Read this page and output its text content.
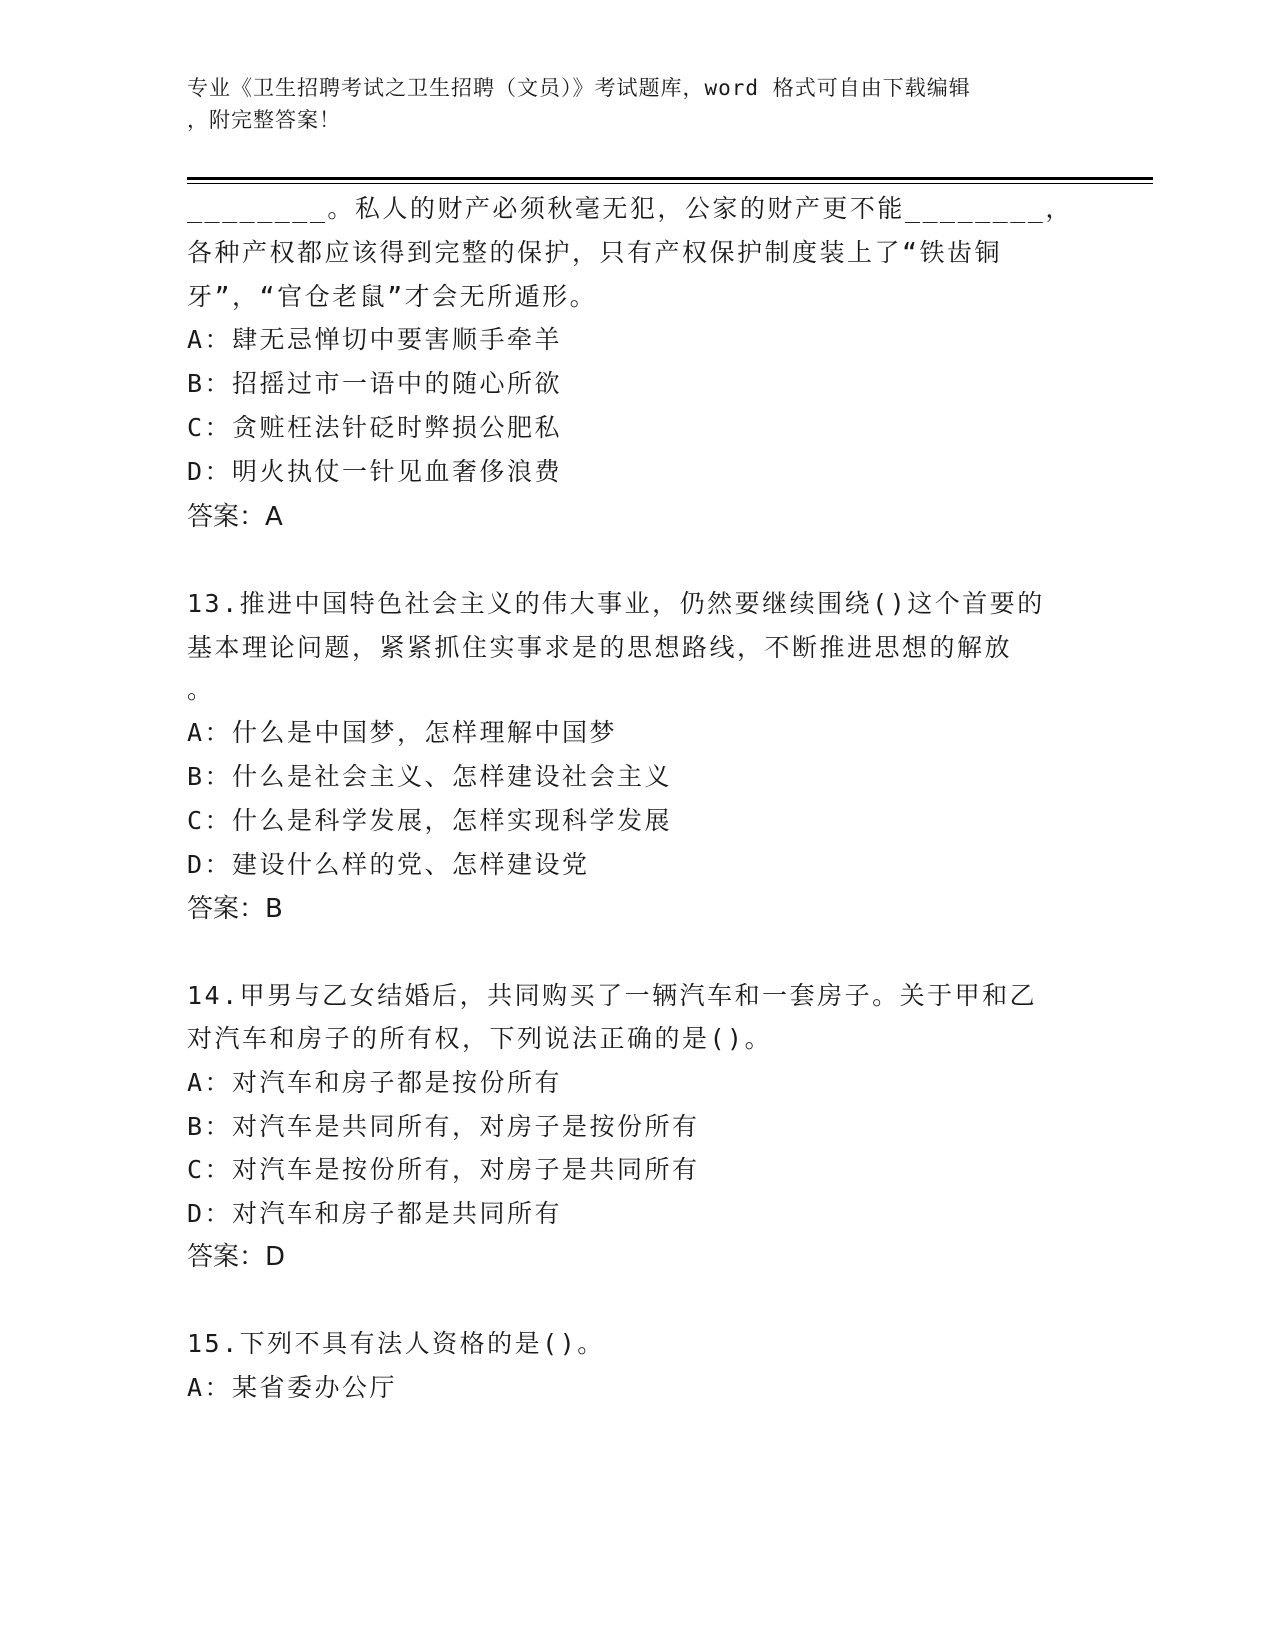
专业《卫生招聘考试之卫生招聘（文员）》考试题库，word 格式可自由下载编辑
，附完整答案！
________。私人的财产必须秋毫无犯，公家的财产更不能________，
各种产权都应该得到完整的保护，只有产权保护制度装上了“铁齿铜
牙”，“官仓老鼠”才会无所遁形。
A：肆无忌惮切中要害顺手牵羊
B：招摇过市一语中的随心所欲
C：贪赃枉法针砭时弊损公肥私
D：明火执仗一针见血奢侈浪费
答案：A
13.推进中国特色社会主义的伟大事业，仍然要继续围绕()这个首要的
基本理论问题，紧紧抓住实事求是的思想路线，不断推进思想的解放
。
A：什么是中国梦，怎样理解中国梦
B：什么是社会主义、怎样建设社会主义
C：什么是科学发展，怎样实现科学发展
D：建设什么样的党、怎样建设党
答案：B
14.甲男与乙女结婚后，共同购买了一辆汽车和一套房子。关于甲和乙
对汽车和房子的所有权，下列说法正确的是()。
A：对汽车和房子都是按份所有
B：对汽车是共同所有，对房子是按份所有
C：对汽车是按份所有，对房子是共同所有
D：对汽车和房子都是共同所有
答案：D
15.下列不具有法人资格的是()。
A：某省委办公厅
